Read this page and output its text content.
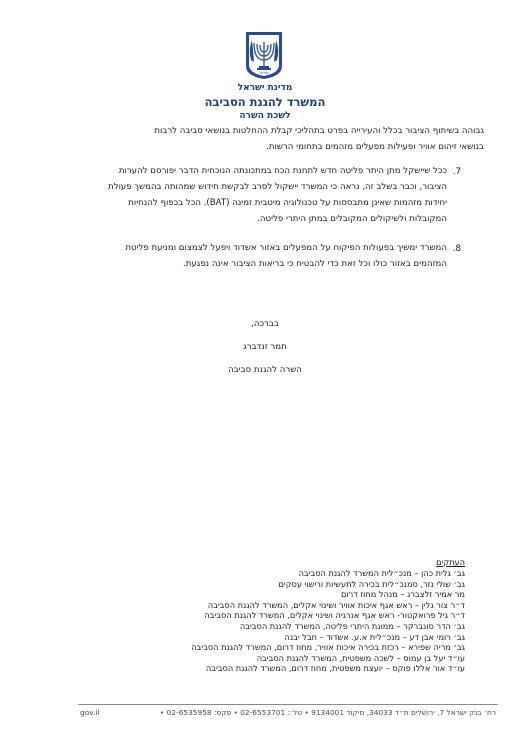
ישראל
מדינת ישראל
המשרד להגנת הסביבה
לשכת השרה
גבוהה בשיתוף הציבור בכלל והעירייה בפרט בתהליכי קבלת ההחלטות בנושאי סביבה לרבות
בנושאי זיהום אוויר ופעילות מפעלים מזהמים בתחומי הרשות.
.7
ככל שיישקל מתן היתר פליטה חדש לתחנת הכח במתכונתה הנוכחית הדבר יפורסם להערות
הציבור, וכבר בשלב זה, נראה כי המשרד יישקול לסרב לבקשת חידוש שמהותה בהמשך פעולת
יחידות מזהמות שאינן מתבססות על טכנולוגיה מיטבית זמינה (BAT). הכל בכפוף להנחיות
המקובלות ולשיקולים המקובלים במתן היתרי פליטה.
.8
המשרד ימשיך בפעולות הפיקוח על המפעלים באזור אשדוד ויפעל לצמצום ומניעת פליטת
המזהמים באזור כולו וכל זאת כדי להבטיח כי בריאות הציבור אינה נפגעת.
בברכה,
תמר זנדברג
השרה להגנת סביבה
העתקים
גב׳ גלית כהן – מנכ״לית המשרד להגנת הסביבה
גב׳ שולי נזר, סמנכ״לית בכירה לתעשיות ורישוי עסקים
מר אמיר זלצברג – מנהל מחוז דרום
ד״ר צור גלין – ראש אגף איכות אוויר ושינוי אקלים, המשרד להגנת הסביבה
ד״ר גיל פרואקטור- ראש אגף אנרגיה ושינוי אקלים, המשרד להגנת הסביבה
גב׳ הדר סונברקר – ממונת היתרי פליטה, המשרד להגנת הסביבה
גב׳ רומי אבן דע – מנכ״לית א.ע. אשדוד – חבל יבנה
גב׳ מריה שפירא – רכזת בכירה איכות אוויר, מחוז דרום, המשרד להגנת הסביבה
עו״ד יעל בן עמוס – לשכה משפטית, המשרד להגנת הסביבה
עו״ד אור אללו פוקס – יועצת משפטית, מחוז דרום, המשרד להגנת הסביבה
gov.il	רח׳ בנק ישראל 7, ירושלים ת״ד 34033, מיקוד 9134001 • טל׳: 02-6553701 • פקס: 02-6535958 •
